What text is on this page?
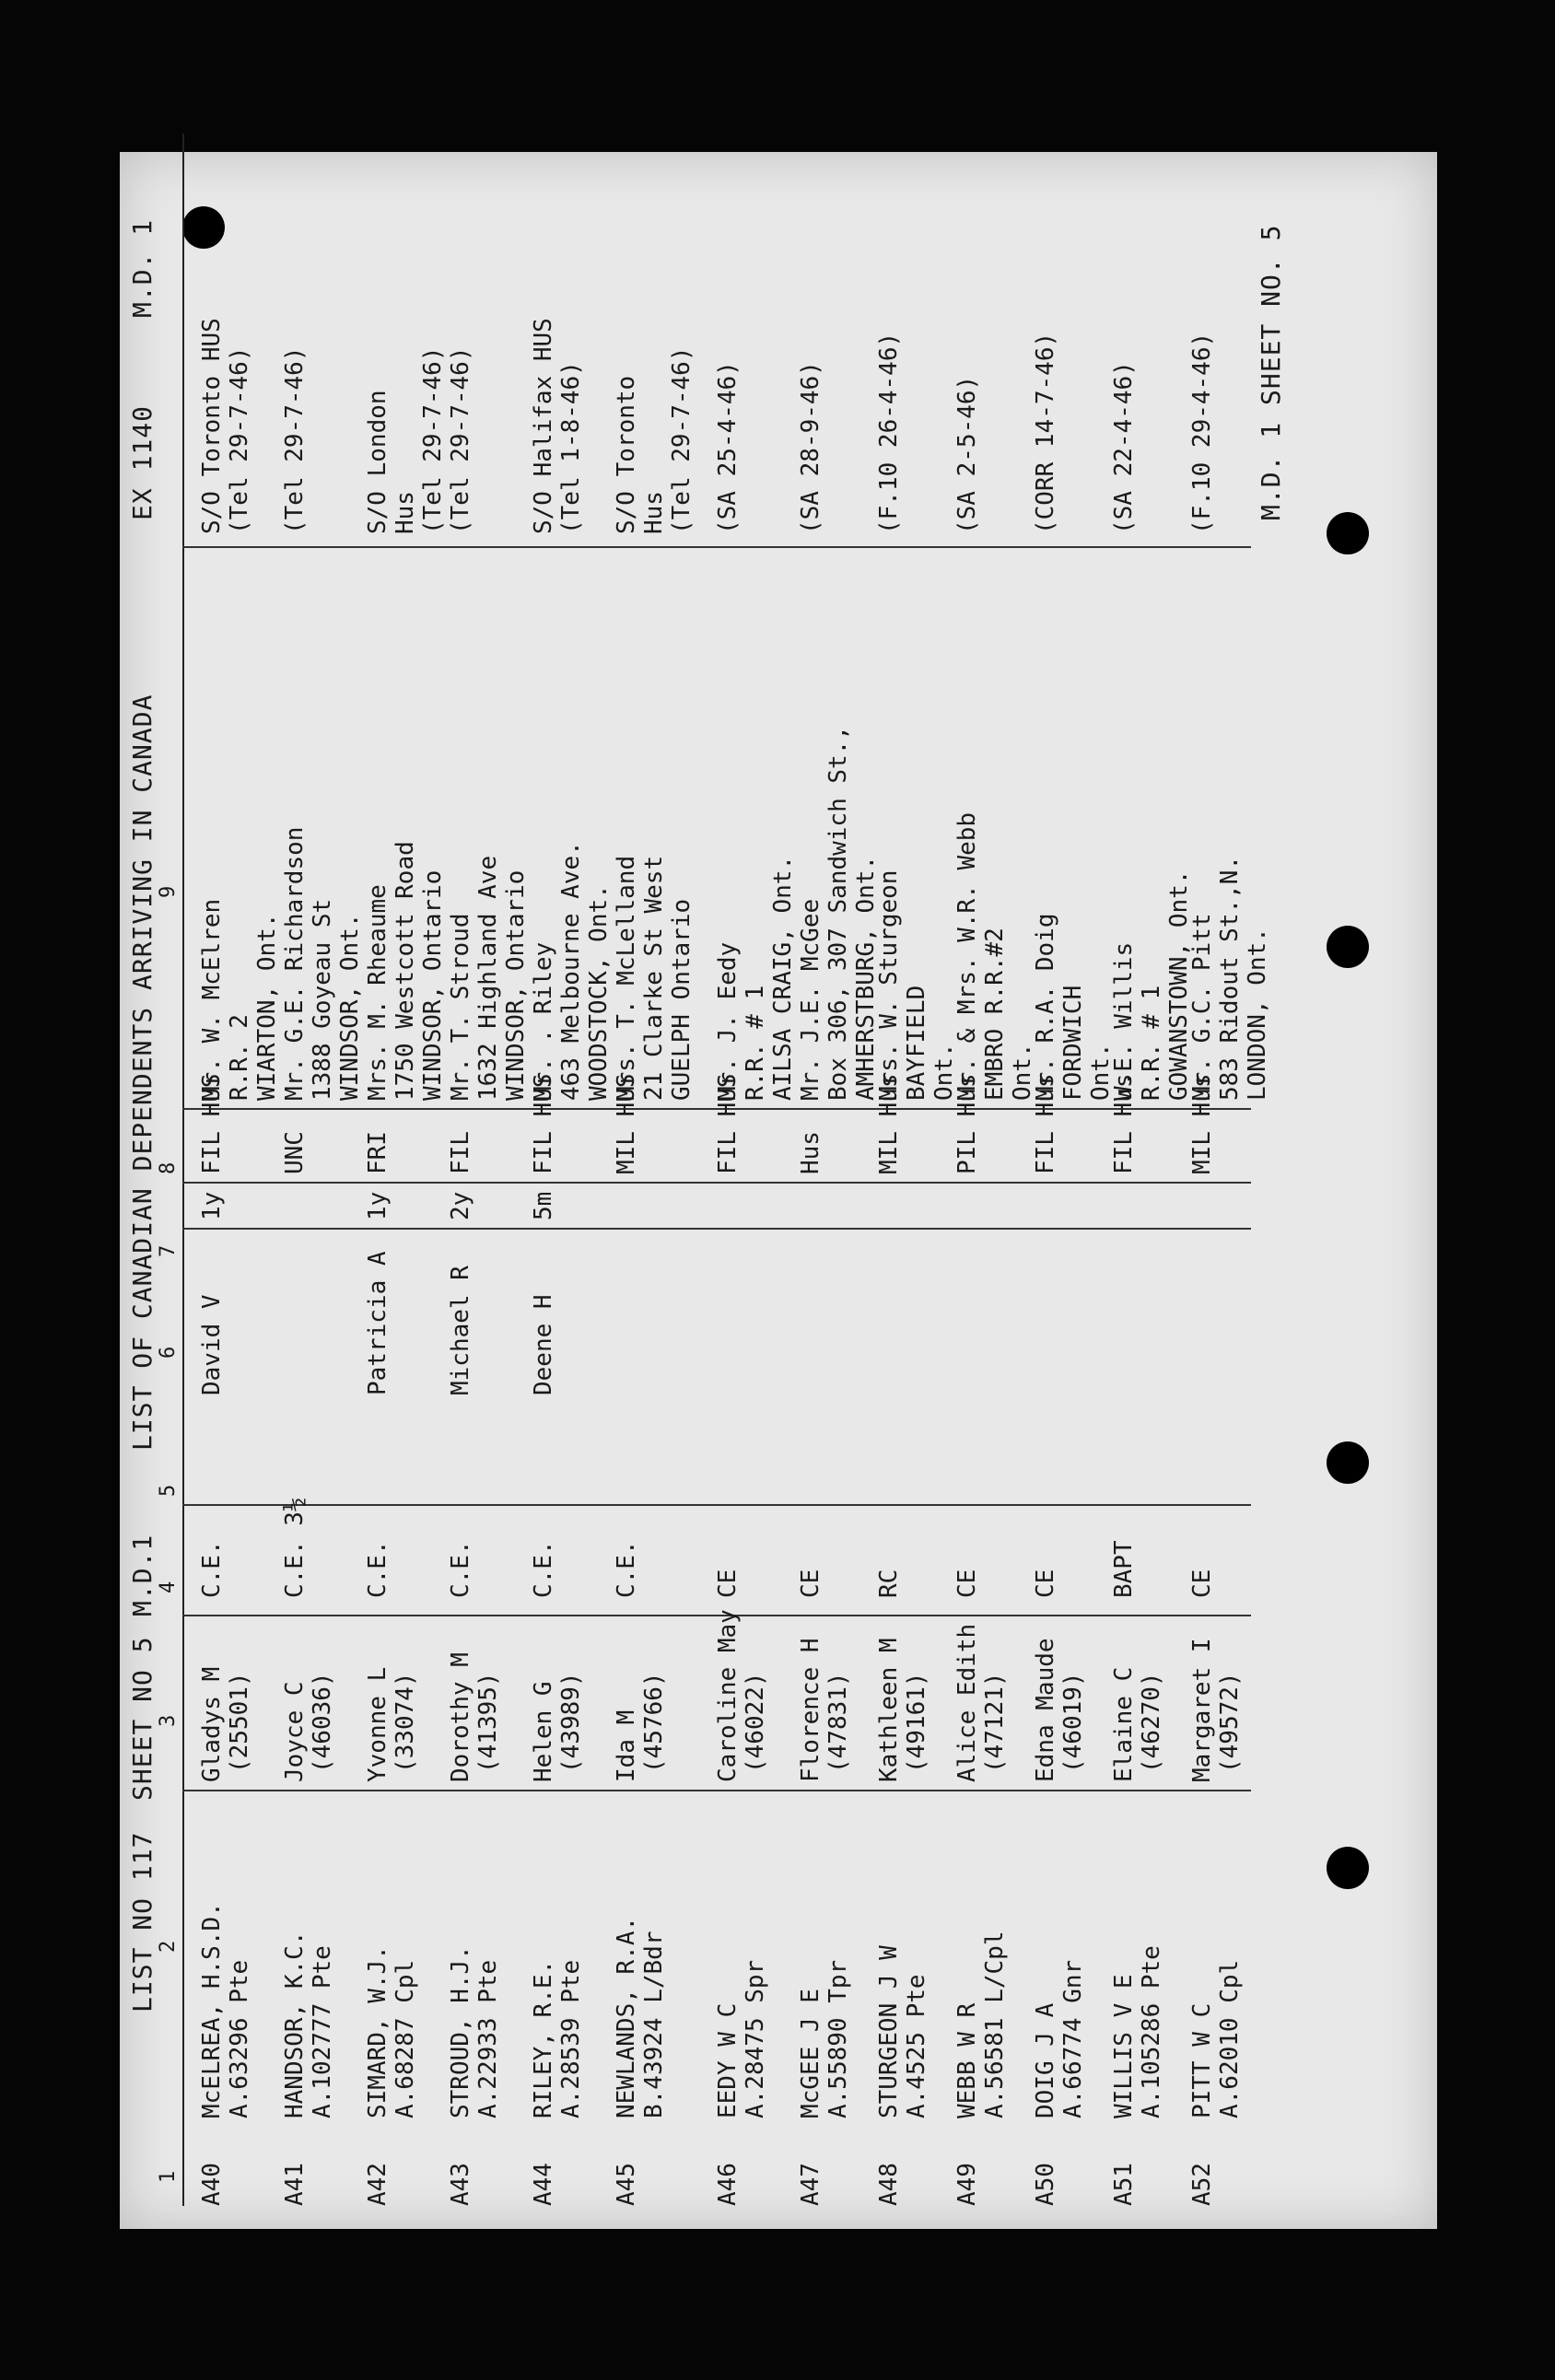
LIST NO 117
SHEET NO 5
M.D.1
LIST OF CANADIAN DEPENDENTS ARRIVING IN CANADA
EX 1140
M.D. 1
1
2
3
4
5
6
7
8
9
A40
McELREA, H.S.D. A.63296 Pte
Gladys M (25501)
C.E.
David V
1y
FIL HUS
Mr. W. McElren R.R. 2 WIARTON, Ont.
S/O Toronto HUS (Tel 29-7-46)
A41
HANDSOR, K.C. A.102777 Pte
Joyce C (46036)
C.E. 3½
UNC
Mr. G.E. Richardson 1388 Goyeau St WINDSOR, Ont.
(Tel 29-7-46)
A42
SIMARD, W.J. A.68287 Cpl
Yvonne L (33074)
C.E.
Patricia A
1y
FRI
Mrs. M. Rheaume 1750 Westcott Road WINDSOR, Ontario
S/O London Hus (Tel 29-7-46)
A43
STROUD, H.J. A.22933 Pte
Dorothy M (41395)
C.E.
Michael R
2y
FIL
Mr. T. Stroud 1632 Highland Ave WINDSOR, Ontario
(Tel 29-7-46)
A44
RILEY, R.E. A.28539 Pte
Helen G (43989)
C.E.
Deene H
5m
FIL HUS
Mr. . Riley 463 Melbourne Ave. WOODSTOCK, Ont.
S/O Halifax HUS (Tel 1-8-46)
A45
NEWLANDS, R.A. B.43924 L/Bdr
Ida M (45766)
C.E.
MIL HUS
Mrs. T. McLelland 21 Clarke St West GUELPH Ontario
S/O Toronto Hus (Tel 29-7-46)
A46
EEDY W C A.28475 Spr
Caroline May (46022)
CE
FIL HUS
Mr. J. Eedy R.R. # 1 AILSA CRAIG, Ont.
(SA 25-4-46)
A47
McGEE J E A.55890 Tpr
Florence H (47831)
CE
Hus
Mr. J.E. McGee Box 306, 307 Sandwich St., AMHERSTBURG, Ont.
(SA 28-9-46)
A48
STURGEON J W A.4525 Pte
Kathleen M (49161)
RC
MIL Hus
Mrs. W. Sturgeon BAYFIELD Ont.
(F.10 26-4-46)
A49
WEBB W R A.56581 L/Cpl
Alice Edith (47121)
CE
PIL Hus
Mr. & Mrs. W.R. Webb EMBRO R.R.#2 Ont.
(SA 2-5-46)
A50
DOIG J A A.66774 Gnr
Edna Maude (46019)
CE
FIL Hus
Mr. R.A. Doig FORDWICH Ont.
(CORR 14-7-46)
A51
WILLIS V E A.105286 Pte
Elaine C (46270)
BAPT
FIL Hus
W.E. Willis R.R. # 1 GOWANSTOWN, Ont.
(SA 22-4-46)
A52
PITT W C A.62010 Cpl
Margaret I (49572)
CE
MIL Hus
Mr. G.C. Pitt 583 Ridout St.,N. LONDON, Ont.
(F.10 29-4-46) M.D. 1 SHEET NO. 5
